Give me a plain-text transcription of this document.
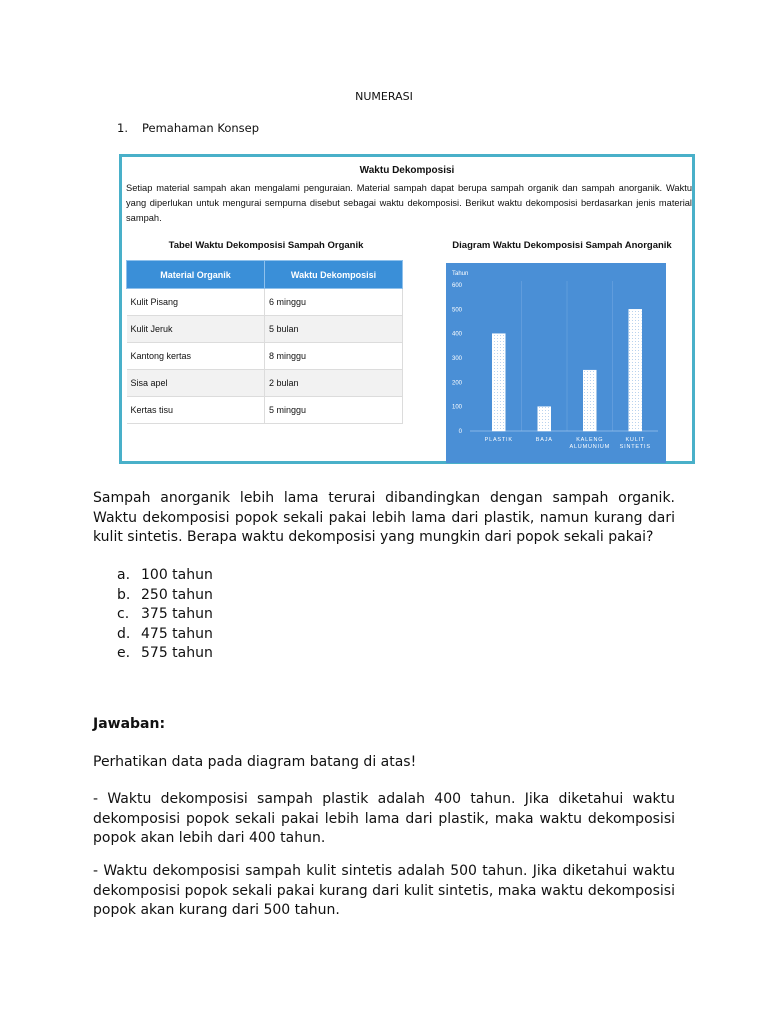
NUMERASI
1. Pemahaman Konsep
Waktu Dekomposisi
Setiap material sampah akan mengalami penguraian. Material sampah dapat berupa sampah organik dan sampah anorganik. Waktu yang diperlukan untuk mengurai sempurna disebut sebagai waktu dekomposisi. Berikut waktu dekomposisi berdasarkan jenis material sampah.
Tabel Waktu Dekomposisi Sampah Organik
Material Organik	Waktu Dekomposisi
Kulit Pisang	6 minggu
Kulit Jeruk	5 bulan
Kantong kertas	8 minggu
Sisa apel	2 bulan
Kertas tisu	5 minggu
Diagram Waktu Dekomposisi Sampah Anorganik
Tahun
0
100
200
300
400
500
600
PLASTIK	BAJA	KALENG
ALUMUNIUM
KULIT
SINTETIS
Sampah anorganik lebih lama terurai dibandingkan dengan sampah organik. Waktu dekomposisi popok sekali pakai lebih lama dari plastik, namun kurang dari kulit sintetis. Berapa waktu dekomposisi yang mungkin dari popok sekali pakai?
a. 100 tahun
b. 250 tahun
c. 375 tahun
d. 475 tahun
e. 575 tahun
Jawaban:
Perhatikan data pada diagram batang di atas!
- Waktu dekomposisi sampah plastik adalah 400 tahun. Jika diketahui waktu dekomposisi popok sekali pakai lebih lama dari plastik, maka waktu dekomposisi popok akan lebih dari 400 tahun.
- Waktu dekomposisi sampah kulit sintetis adalah 500 tahun. Jika diketahui waktu dekomposisi popok sekali pakai kurang dari kulit sintetis, maka waktu dekomposisi popok akan kurang dari 500 tahun.
